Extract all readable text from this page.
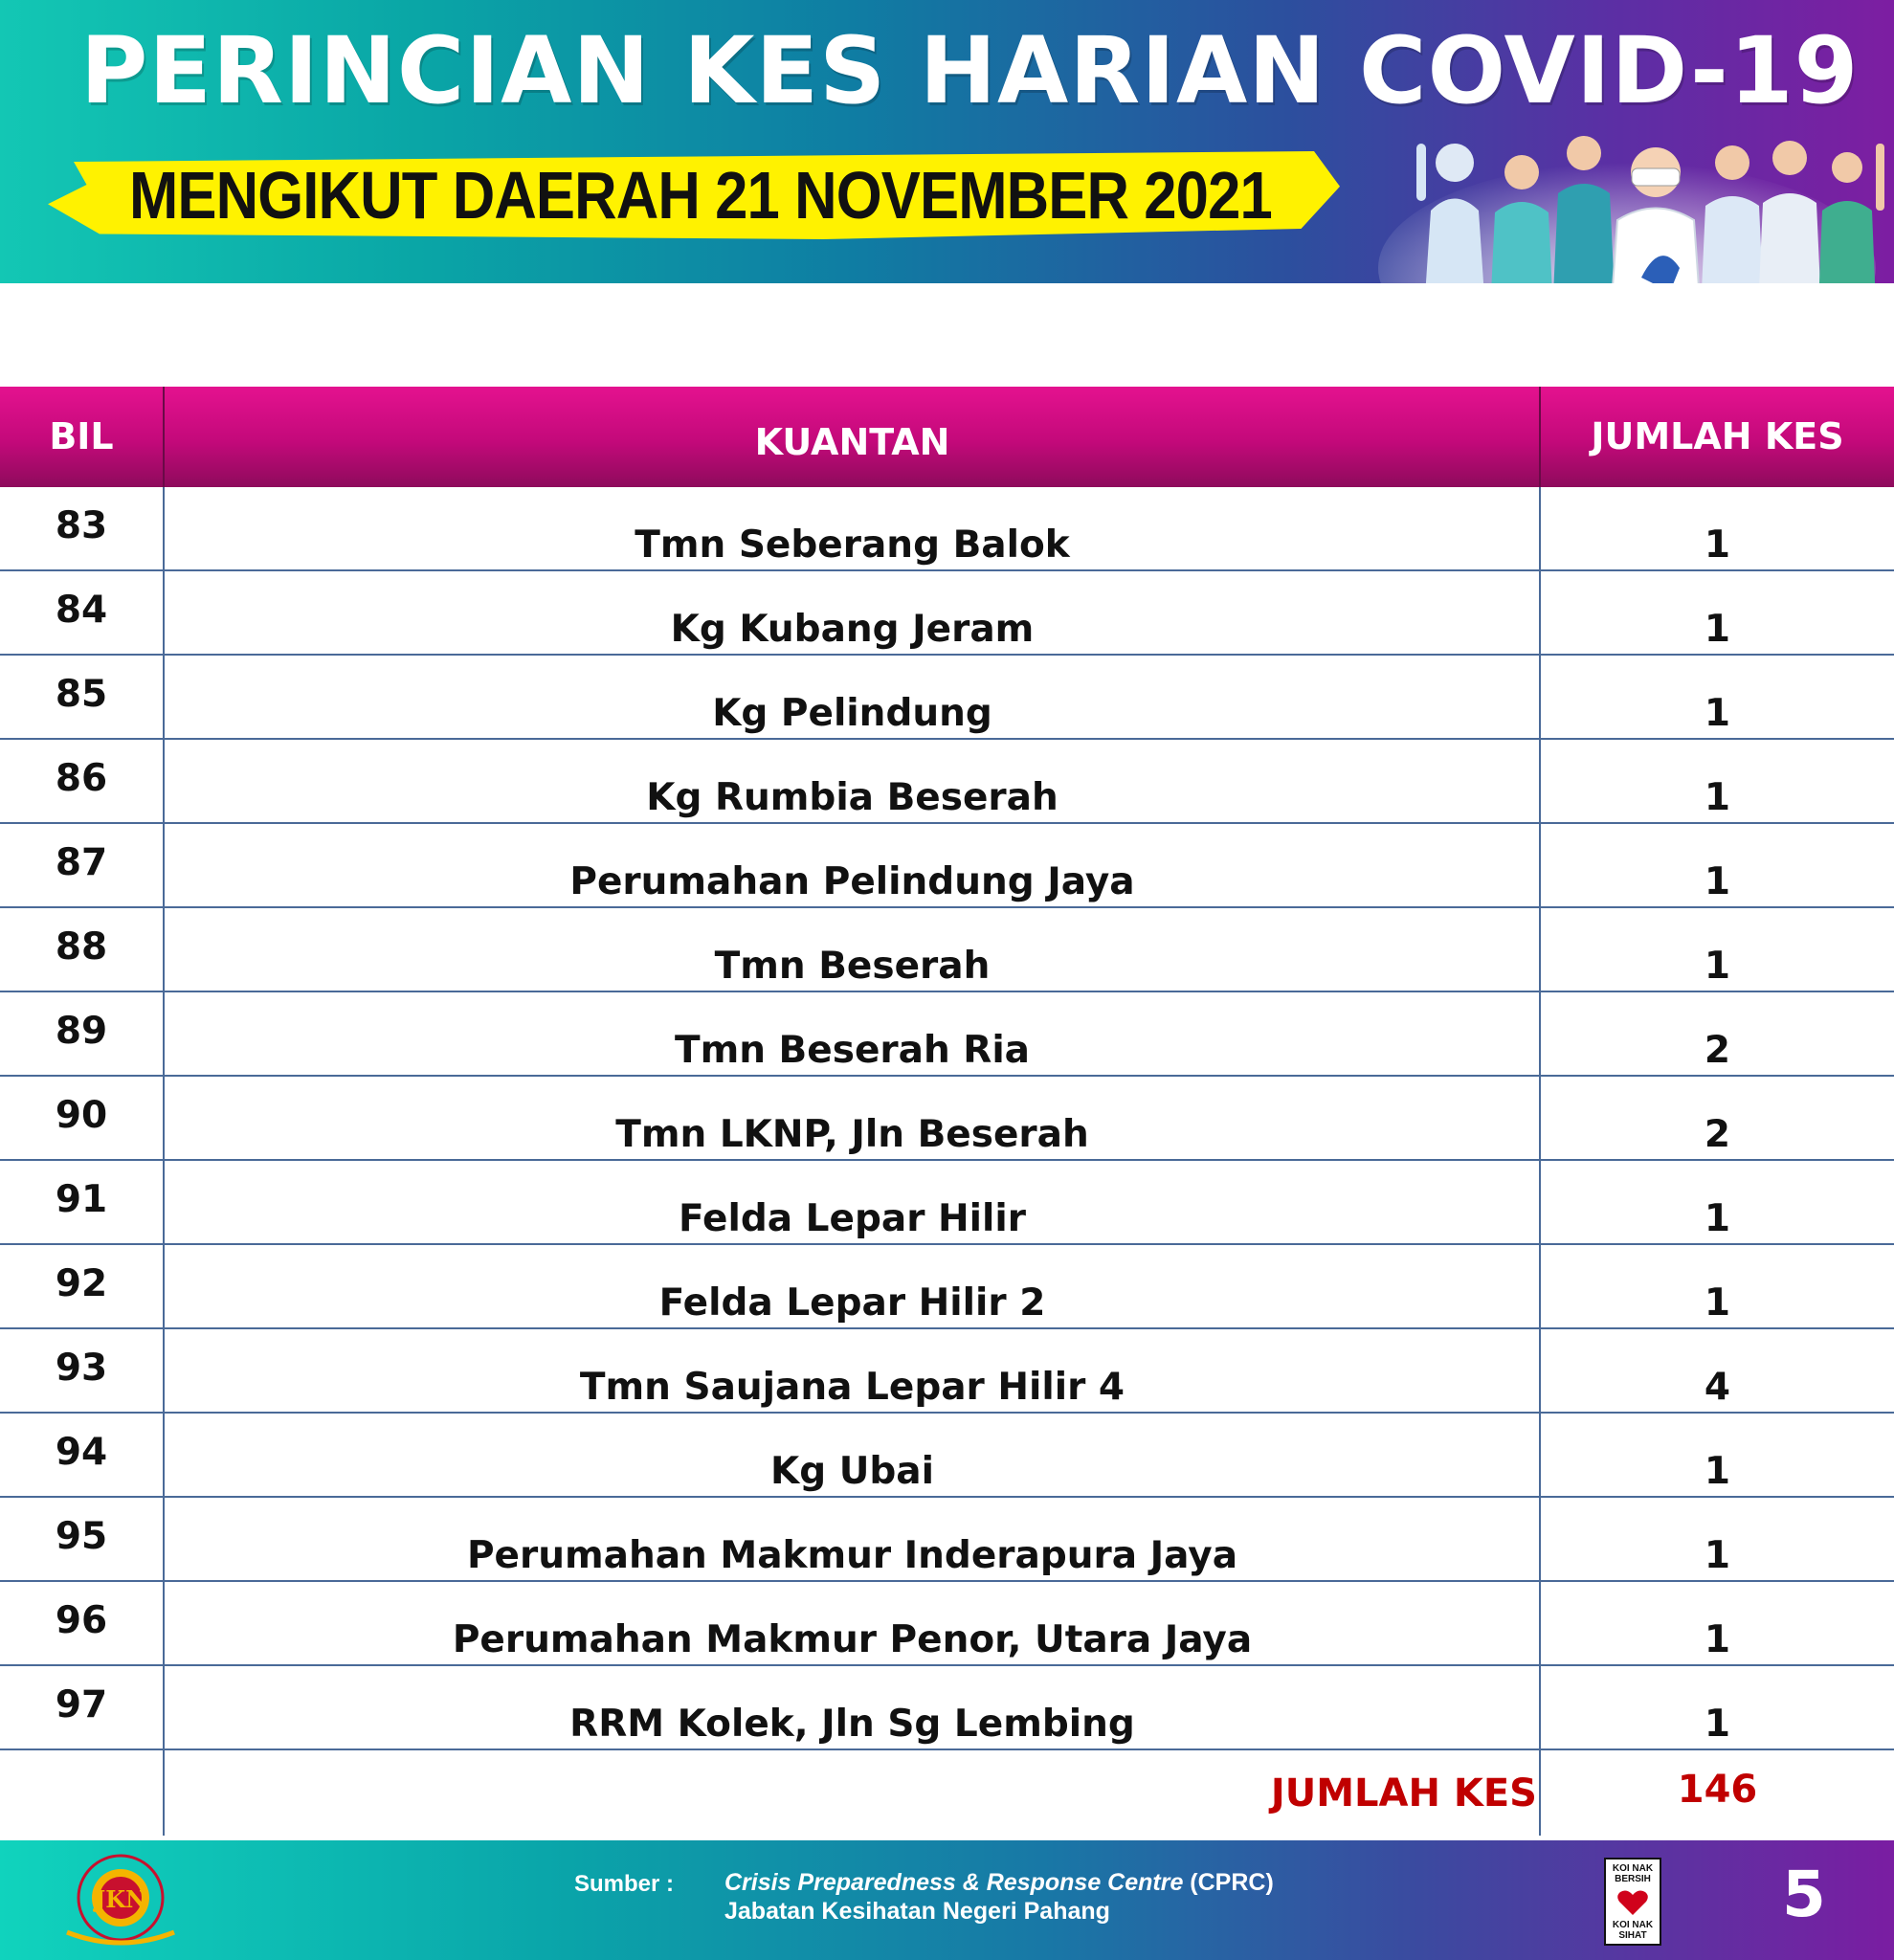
PERINCIAN KES HARIAN COVID-19
MENGIKUT DAERAH 21 NOVEMBER 2021
BIL	KUANTAN	JUMLAH KES
83	Tmn Seberang Balok	1
84	Kg Kubang Jeram	1
85	Kg Pelindung	1
86	Kg Rumbia Beserah	1
87	Perumahan Pelindung Jaya	1
88	Tmn Beserah	1
89	Tmn Beserah Ria	2
90	Tmn LKNP, Jln Beserah	2
91	Felda Lepar Hilir	1
92	Felda Lepar Hilir 2	1
93	Tmn Saujana Lepar Hilir 4	4
94	Kg Ubai	1
95	Perumahan Makmur Inderapura Jaya	1
96	Perumahan Makmur Penor, Utara Jaya	1
97	RRM Kolek, Jln Sg Lembing	1
JUMLAH KES	146
JKN
Sumber : Crisis Preparedness & Response Centre (CPRC)
Jabatan Kesihatan Negeri Pahang
KOI NAK BERSIH
KOI NAK SIHAT
5
